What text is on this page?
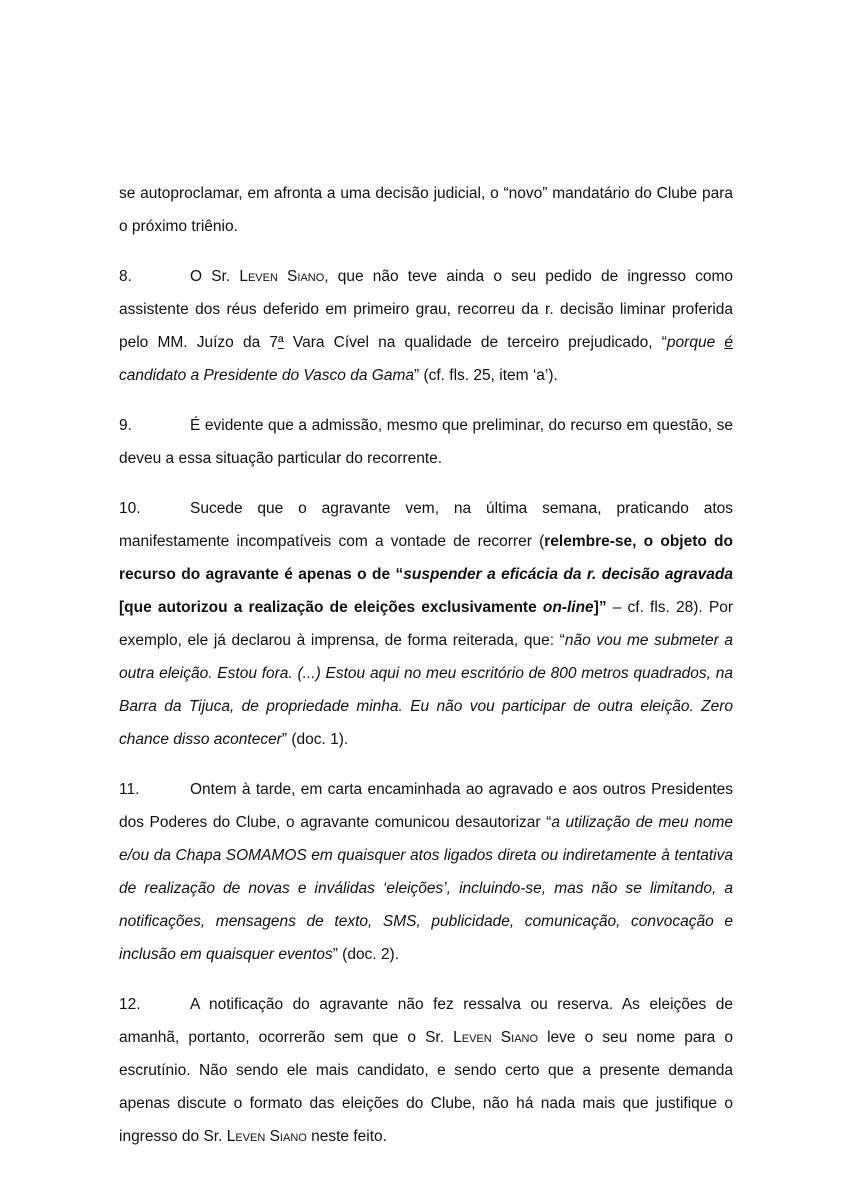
se autoproclamar, em afronta a uma decisão judicial, o “novo” mandatário do Clube para o próximo triênio.

8.	O Sr. Leven Siano, que não teve ainda o seu pedido de ingresso como assistente dos réus deferido em primeiro grau, recorreu da r. decisão liminar proferida pelo MM. Juízo da 7ª Vara Cível na qualidade de terceiro prejudicado, “porque é candidato a Presidente do Vasco da Gama” (cf. fls. 25, item ‘a’).

9.	É evidente que a admissão, mesmo que preliminar, do recurso em questão, se deveu a essa situação particular do recorrente.

10.	Sucede que o agravante vem, na última semana, praticando atos manifestamente incompatíveis com a vontade de recorrer (relembre-se, o objeto do recurso do agravante é apenas o de “suspender a eficácia da r. decisão agravada [que autorizou a realização de eleições exclusivamente on-line]” – cf. fls. 28). Por exemplo, ele já declarou à imprensa, de forma reiterada, que: “não vou me submeter a outra eleição. Estou fora. (...) Estou aqui no meu escritório de 800 metros quadrados, na Barra da Tijuca, de propriedade minha. Eu não vou participar de outra eleição. Zero chance disso acontecer” (doc. 1).

11.	Ontem à tarde, em carta encaminhada ao agravado e aos outros Presidentes dos Poderes do Clube, o agravante comunicou desautorizar “a utilização de meu nome e/ou da Chapa SOMAMOS em quaisquer atos ligados direta ou indiretamente à tentativa de realização de novas e inválidas ‘eleições’, incluindo-se, mas não se limitando, a notificações, mensagens de texto, SMS, publicidade, comunicação, convocação e inclusão em quaisquer eventos” (doc. 2).

12.	A notificação do agravante não fez ressalva ou reserva. As eleições de amanhã, portanto, ocorrerão sem que o Sr. Leven Siano leve o seu nome para o escrutínio. Não sendo ele mais candidato, e sendo certo que a presente demanda apenas discute o formato das eleições do Clube, não há nada mais que justifique o ingresso do Sr. Leven Siano neste feito.
